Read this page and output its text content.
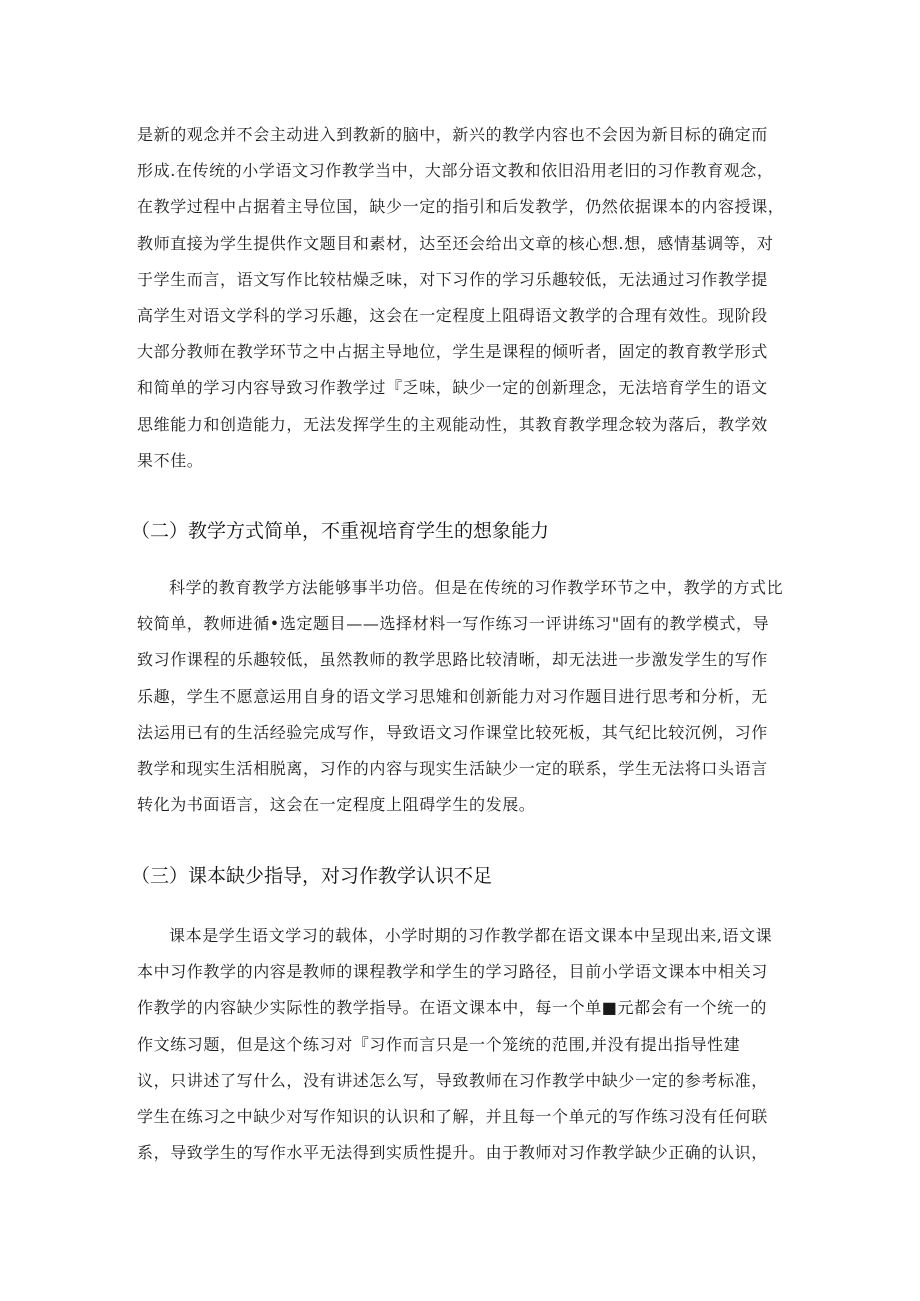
是新的观念并不会主动进入到教新的脑中，新兴的教学内容也不会因为新目标的确定而

形成.在传统的小学语文习作教学当中，大部分语文教和依旧沿用老旧的习作教育观念，

在教学过程中占据着主导位国，缺少一定的指引和后发教学，仍然依据课本的内容授课，

教师直接为学生提供作文题目和素材，达至还会给出文章的核心想.想，感情基调等，对

于学生而言，语文写作比较枯燥乏味，对下习作的学习乐趣较低，无法通过习作教学提

高学生对语文学科的学习乐趣，这会在一定程度上阻碍语文教学的合理有效性。现阶段

大部分教师在教学环节之中占据主导地位，学生是课程的倾听者，固定的教育教学形式

和简单的学习内容导致习作教学过『乏味，缺少一定的创新理念，无法培育学生的语文

思维能力和创造能力，无法发挥学生的主观能动性，其教育教学理念较为落后，教学效

果不佳。

（二）教学方式简单，不重视培育学生的想象能力

科学的教育教学方法能够事半功倍。但是在传统的习作教学环节之中，教学的方式比

较简单，教师进循•选定题目——选择材料一写作练习一评讲练习"固有的教学模式，导

致习作课程的乐趣较低，虽然教师的教学思路比较清晰，却无法进一步激发学生的写作

乐趣，学生不愿意运用自身的语文学习思雉和创新能力对习作题目进行思考和分析，无

法运用已有的生活经验完成写作，导致语文习作课堂比较死板，其气纪比较沉例，习作

教学和现实生活相脱离，习作的内容与现实生活缺少一定的联系，学生无法将口头语言

转化为书面语言，这会在一定程度上阻碍学生的发展。

（三）课本缺少指导，对习作教学认识不足

课本是学生语文学习的载体，小学时期的习作教学都在语文课本中呈现出来,语文课

本中习作教学的内容是教师的课程教学和学生的学习路径，目前小学语文课本中相关习

作教学的内容缺少实际性的教学指导。在语文课本中，每一个单■元都会有一个统一的

作文练习题，但是这个练习对『习作而言只是一个笼统的范围,并没有提出指导性建

议，只讲述了写什么，没有讲述怎么写，导致教师在习作教学中缺少一定的参考标准，

学生在练习之中缺少对写作知识的认识和了解，并且每一个单元的写作练习没有任何联

系，导致学生的写作水平无法得到实质性提升。由于教师对习作教学缺少正确的认识，
